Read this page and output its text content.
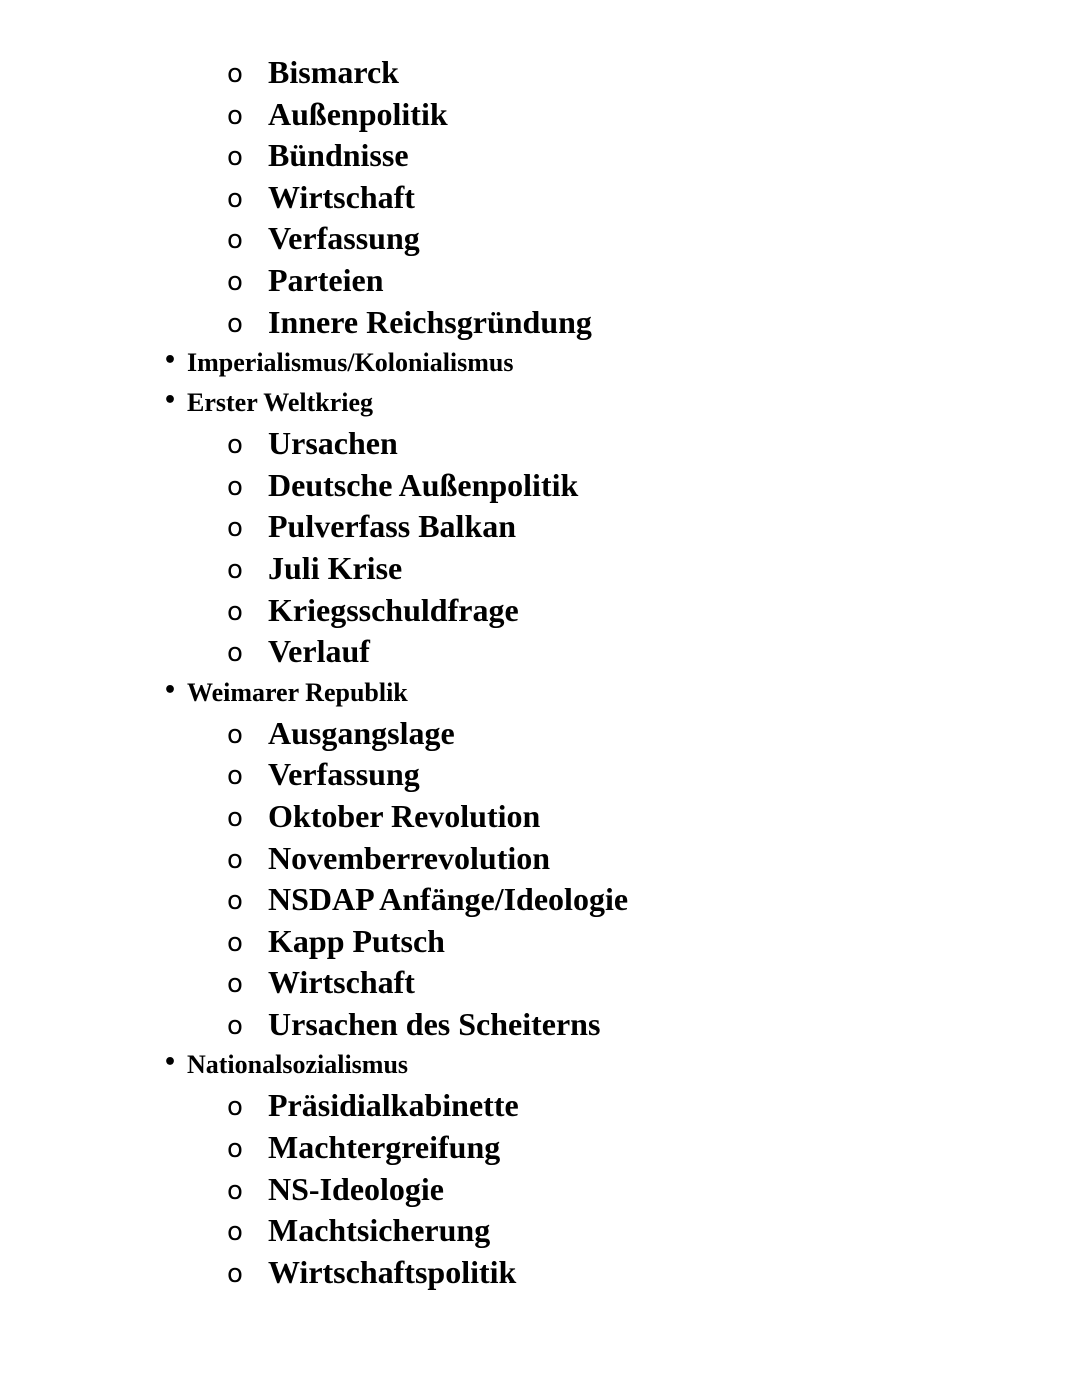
o Bismarck
o Außenpolitik
o Bündnisse
o Wirtschaft
o Verfassung
o Parteien
o Innere Reichsgründung
• Imperialismus/Kolonialismus
• Erster Weltkrieg
o Ursachen
o Deutsche Außenpolitik
o Pulverfass Balkan
o Juli Krise
o Kriegsschuldfrage
o Verlauf
• Weimarer Republik
o Ausgangslage
o Verfassung
o Oktober Revolution
o Novemberrevolution
o NSDAP Anfänge/Ideologie
o Kapp Putsch
o Wirtschaft
o Ursachen des Scheiterns
• Nationalsozialismus
o Präsidialkabinette
o Machtergreifung
o NS-Ideologie
o Machtsicherung
o Wirtschaftspolitik
